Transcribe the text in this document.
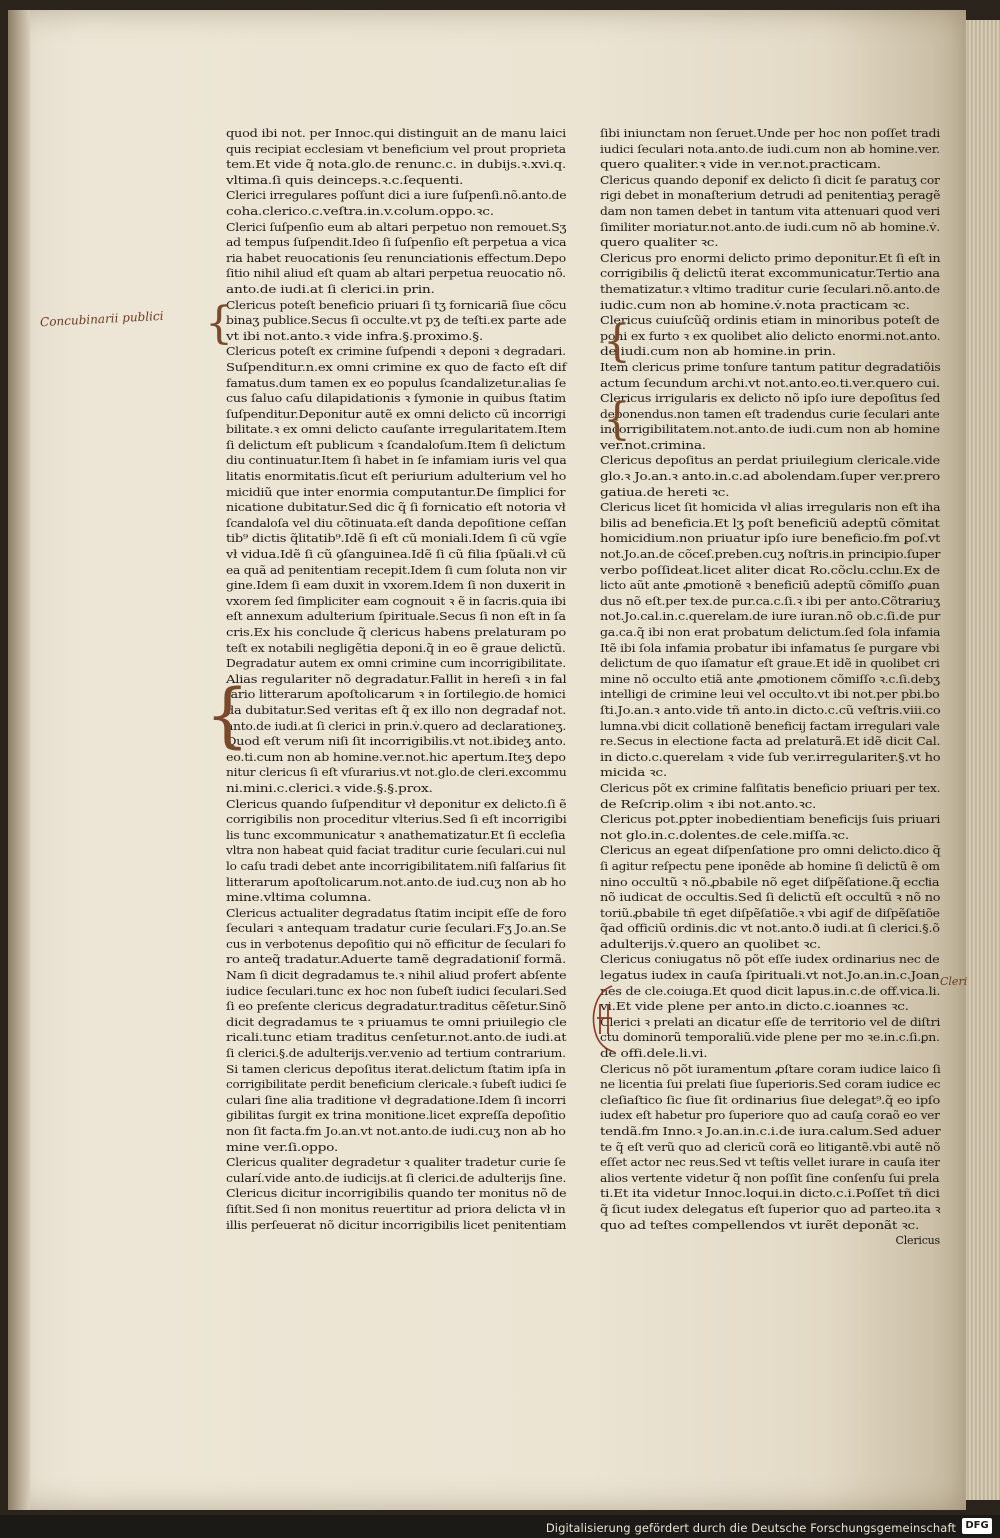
quod ibi not. per Innoc.qui distinguit an de manu laici
quis recipiat ecclesiam vt beneficium vel prout proprieta
tem.Et vide q̃ nota.glo.de renunc.c. in dubijs.ꝛ.xvi.q.
vltima.ſi quis deinceps.ꝛ.c.ſequenti.
Clerici irregulares poſſunt dici a iure ſuſpenſi.nõ.anto.de
coha.clerico.c.veſtra.in.v.colum.oppo.ꝛc.
Clerici ſuſpenſio eum ab altari perpetuo non remouet.Sʒ
ad tempus ſuſpendit.Ideo ſi ſuſpenſio eſt perpetua a vica
ria habet reuocationis ſeu renunciationis effectum.Depo
ſitio nihil aliud eſt quam ab altari perpetua reuocatio nõ.
anto.de iudi.at ſi clerici.in prin.
Clericus poteſt beneficio priuari ſi tʒ fornicariã ſiue cõcu
binaʒ publice.Secus ſi occulte.vt pʒ de teſti.ex parte ade
vt ibi not.anto.ꝛ vide infra.§.proximo.§.
Clericus poteſt ex crimine ſuſpendi ꝛ deponi ꝛ degradari.
Suſpenditur.n.ex omni crimine ex quo de facto eſt dif
famatus.dum tamen ex eo populus ſcandalizetur.alias ſe
cus ſaluo caſu dilapidationis ꝛ ſymonie in quibus ſtatim
ſuſpenditur.Deponitur autẽ ex omni delicto cũ incorrigi
bilitate.ꝛ ex omni delicto cauſante irregularitatem.Item
ſi delictum eſt publicum ꝛ ſcandaloſum.Item ſi delictum
diu continuatur.Item ſi habet in ſe infamiam iuris vel qua
litatis enormitatis.ſicut eſt periurium adulterium vel ho
micidiũ que inter enormia computantur.De ſimplici for
nicatione dubitatur.Sed dic q̃ ſi fornicatio eſt notoria vł
ſcandaloſa vel diu cõtinuata.eſt danda depoſitione ceſſan
tib⁹ dictis q̃litatib⁹.Idẽ ſi eſt cũ moniali.Idem ſi cũ vgĩe
vł vidua.Idẽ ſi cũ ꝯſanguinea.Idẽ ſi cũ filia ſpũali.vł cũ
ea quã ad penitentiam recepit.Idem ſi cum ſoluta non vir
gine.Idem ſi eam duxit in vxorem.Idem ſi non duxerit in
vxorem ſed ſimpliciter eam cognouit ꝛ ẽ in ſacris.quia ibi
eſt annexum adulterium ſpirituale.Secus ſi non eſt in ſa
cris.Ex his conclude q̃ clericus habens prelaturam po
teſt ex notabili negligẽtia deponi.q̃ in eo ẽ graue delictũ.
Degradatur autem ex omni crimine cum incorrigibilitate.
Alias regulariter nõ degradatur.Fallit in hereſi ꝛ in fal
ſario litterarum apoſtolicarum ꝛ in ſortilegio.de homici
da dubitatur.Sed veritas eſt q̃ ex illo non degradaf not.
anto.de iudi.at ſi clerici in prin.v̇.quero ad declarationeʒ.
Quod eſt verum niſi ſit incorrigibilis.vt not.ibideʒ anto.
eo.ti.cum non ab homine.ver.not.hic apertum.Iteʒ depo
nitur clericus ſi eſt vſurarius.vt not.glo.de cleri.excommu
ni.mini.c.clerici.ꝛ vide.§.§.prox.
Clericus quando ſuſpenditur vł deponitur ex delicto.ſi ẽ
corrigibilis non proceditur vlterius.Sed ſi eſt incorrigibi
lis tunc excommunicatur ꝛ anathematizatur.Et ſi eccleſia
vltra non habeat quid faciat traditur curie ſeculari.cui nul
lo caſu tradi debet ante incorrigibilitatem.niſi falſarius ſit
litterarum apoſtolicarum.not.anto.de iud.cuʒ non ab ho
mine.vltima columna.
Clericus actualiter degradatus ſtatim incipit eſſe de foro
ſeculari ꝛ antequam tradatur curie ſeculari.Fʒ Jo.an.Se
cus in verbotenus depoſitio qui nõ efficitur de ſeculari fo
ro anteq̃ tradatur.Aduerte tamẽ degradationiſ formã.
Nam ſi dicit degradamus te.ꝛ nihil aliud profert abſente
iudice ſeculari.tunc ex hoc non ſubeſt iudici ſeculari.Sed
ſi eo preſente clericus degradatur.traditus cẽſetur.Sinõ
dicit degradamus te ꝛ priuamus te omni priuilegio cle
ricali.tunc etiam traditus cenſetur.not.anto.de iudi.at
ſi clerici.§.de adulterijs.ver.venio ad tertium contrarium.
Si tamen clericus depoſitus iterat.delictum ſtatim ipſa in
corrigibilitate perdit beneficium clericale.ꝛ ſubeſt iudici ſe
culari ſine alia traditione vł degradatione.Idem ſi incorri
gibilitas ſurgit ex trina monitione.licet expreſſa depoſitio
non ſit facta.fm Jo.an.vt not.anto.de iudi.cuʒ non ab ho
mine ver.ſi.oppo.
Clericus qualiter degradetur ꝛ qualiter tradetur curie ſe
cularí.vide anto.de iudicijs.at ſi clerici.de adulterijs ſine.
Clericus dicitur incorrigibilis quando ter monitus nõ de
ſiſtit.Sed ſi non monitus reuertitur ad priora delicta vł in
illis perſeuerat nõ dicitur incorrigibilis licet penitentiam
ſibi iniunctam non ſeruet.Unde per hoc non poſſet tradi
iudici ſeculari nota.anto.de iudi.cum non ab homine.ver.
quero qualiter.ꝛ vide in ver.not.practicam.
Clericus quando deponif ex delicto ſi dicit ſe paratuʒ cor
rigi debet in monaſterium detrudi ad penitentiaʒ peragẽ
dam non tamen debet in tantum vita attenuari quod veri
ſimiliter moriatur.not.anto.de iudi.cum nõ ab homine.v̇.
quero qualiter ꝛc.
Clericus pro enormi delicto primo deponitur.Et ſi eſt in
corrigibilis q̃ delictũ iterat excommunicatur.Tertio ana
thematizatur.ꝛ vltimo traditur curie ſeculari.nõ.anto.de
iudic.cum non ab homine.v̇.nota practicam ꝛc.
Clericus cuiuſcũq̃ ordinis etiam in minoribus poteſt de
poni ex furto ꝛ ex quolibet alio delicto enormi.not.anto.
de iudi.cum non ab homine.in prin.
Item clericus prime tonſure tantum patitur degradatiõis
actum ſecundum archi.vt not.anto.eo.ti.ver.quero cui.
Clericus irrigularis ex delicto nõ ipſo iure depoſitus ſed
deponendus.non tamen eſt tradendus curie ſeculari ante
incorrigibilitatem.not.anto.de iudi.cum non ab homine
ver.not.crimina.
Clericus depoſitus an perdat priuilegium clericale.vide
glo.ꝛ Jo.an.ꝛ anto.in.c.ad abolendam.ſuper ver.prero
gatiua.de hereti ꝛc.
Clericus licet ſit homicida vł alias irregularis non eſt iha
bilis ad beneficia.Et lʒ poſt beneficiũ adeptũ cõmitat
homicidium.non priuatur ipſo iure beneficio.fm ꝑoſ.vt
not.Jo.an.de cõceſ.preben.cuʒ noſtris.in principio.ſuper
verbo poſſideat.licet aliter dicat Ro.cõclu.cclııı.Ex de
licto aũt ante ꝓmotionẽ ꝛ beneficiũ adeptũ cõmiſſo ꝓuan
dus nõ eſt.per tex.de pur.ca.c.ſi.ꝛ ibi per anto.Cõtrariuʒ
not.Jo.cal.in.c.querelam.de iure iuran.nõ ob.c.ſi.de pur
ga.ca.q̃ ibi non erat probatum delictum.ſed ſola infamia
Itẽ ibi ſola infamia probatur ibi infamatus ſe purgare vbi
delictum de quo iſamatur eſt graue.Et idẽ in quolibet cri
mine nõ occulto etiã ante ꝓmotionem cõmiſſo ꝛ.c.ſi.debʒ
intelligi de crimine leui vel occulto.vt ibi not.per pbi.bo
ſti.Jo.an.ꝛ anto.vide tñ anto.in dicto.c.cũ veſtris.viii.co
lumna.vbi dicit collationẽ beneficij factam irregulari vale
re.Secus in electione facta ad prelaturã.Et idẽ dicit Cal.
in dicto.c.querelam ꝛ vide ſub ver.irregulariter.§.vt ho
micida ꝛc.
Clericus põt ex crimine falſitatis beneficio priuari per tex.
de Reſcrip.olim ꝛ ibi not.anto.ꝛc.
Clericus pot.ꝑpter inobedientiam beneficijs ſuis priuari
not glo.in.c.dolentes.de cele.miſſa.ꝛc.
Clericus an egeat diſpenſatione pro omni delicto.dico q̃
ſi agitur reſpectu pene iponẽde ab homine ſi delictũ ẽ om
nino occultũ ꝛ nõ.ꝓbabile nõ eget diſpẽſatione.q̃ eccꝉia
nõ iudicat de occultis.Sed ſi delictũ eſt occultũ ꝛ nõ no
toriũ.ꝓbabile tñ eget diſpẽſatiõe.ꝛ vbi agif de diſpẽſatiõe
q̃ad officiũ ordinis.dic vt not.anto.ð iudi.at ſi clerici.§.õ
adulterijs.v̇.quero an quolibet ꝛc.
Clericus coniugatus nõ põt eſſe iudex ordinarius nec de
legatus iudex in cauſa ſpirituali.vt not.Jo.an.in.c.Joan
nes de cle.coiuga.Et quod dicit lapus.in.c.de off.vica.li.
vi.Et vide plene per anto.in dicto.c.ioannes ꝛc.
Clerici ꝛ prelati an dicatur eſſe de territorio vel de diſtri
ctu dominorũ temporaliũ.vide plene per mo ꝛe.in.c.ſi.ꝑn.
de offi.dele.li.vi.
Clericus nõ põt iuramentum ꝓſtare coram iudice laico ſi
ne licentia ſui prelati ſiue ſuperioris.Sed coram iudice ec
cleſiaſtico ſic ſiue ſit ordinarius ſiue delegat⁹.q̃ eo ipſo
iudex eſt habetur pro ſuperiore quo ad cauſa̲ coraõ eo ver
tendã.fm Inno.ꝛ Jo.an.in.c.i.de iura.calum.Sed aduer
te q̃ eſt verũ quo ad clericũ corã eo litigantẽ.vbi autẽ nõ
eſſet actor nec reus.Sed vt teſtis vellet iurare in cauſa iter
alios vertente videtur q̃ non poſſit ſine conſenſu ſui prela
ti.Et ita videtur Innoc.loqui.in dicto.c.i.Poſſet tñ dici
q̃ ſicut iudex delegatus eſt ſuperior quo ad parteo.ita ꝛ
quo ad teſtes compellendos vt iurẽt deponãt ꝛc.
Clericus
Concubinarii publici
Cleri
{
{
{
{
Digitalisierung gefördert durch die Deutsche Forschungsgemeinschaft DFG
